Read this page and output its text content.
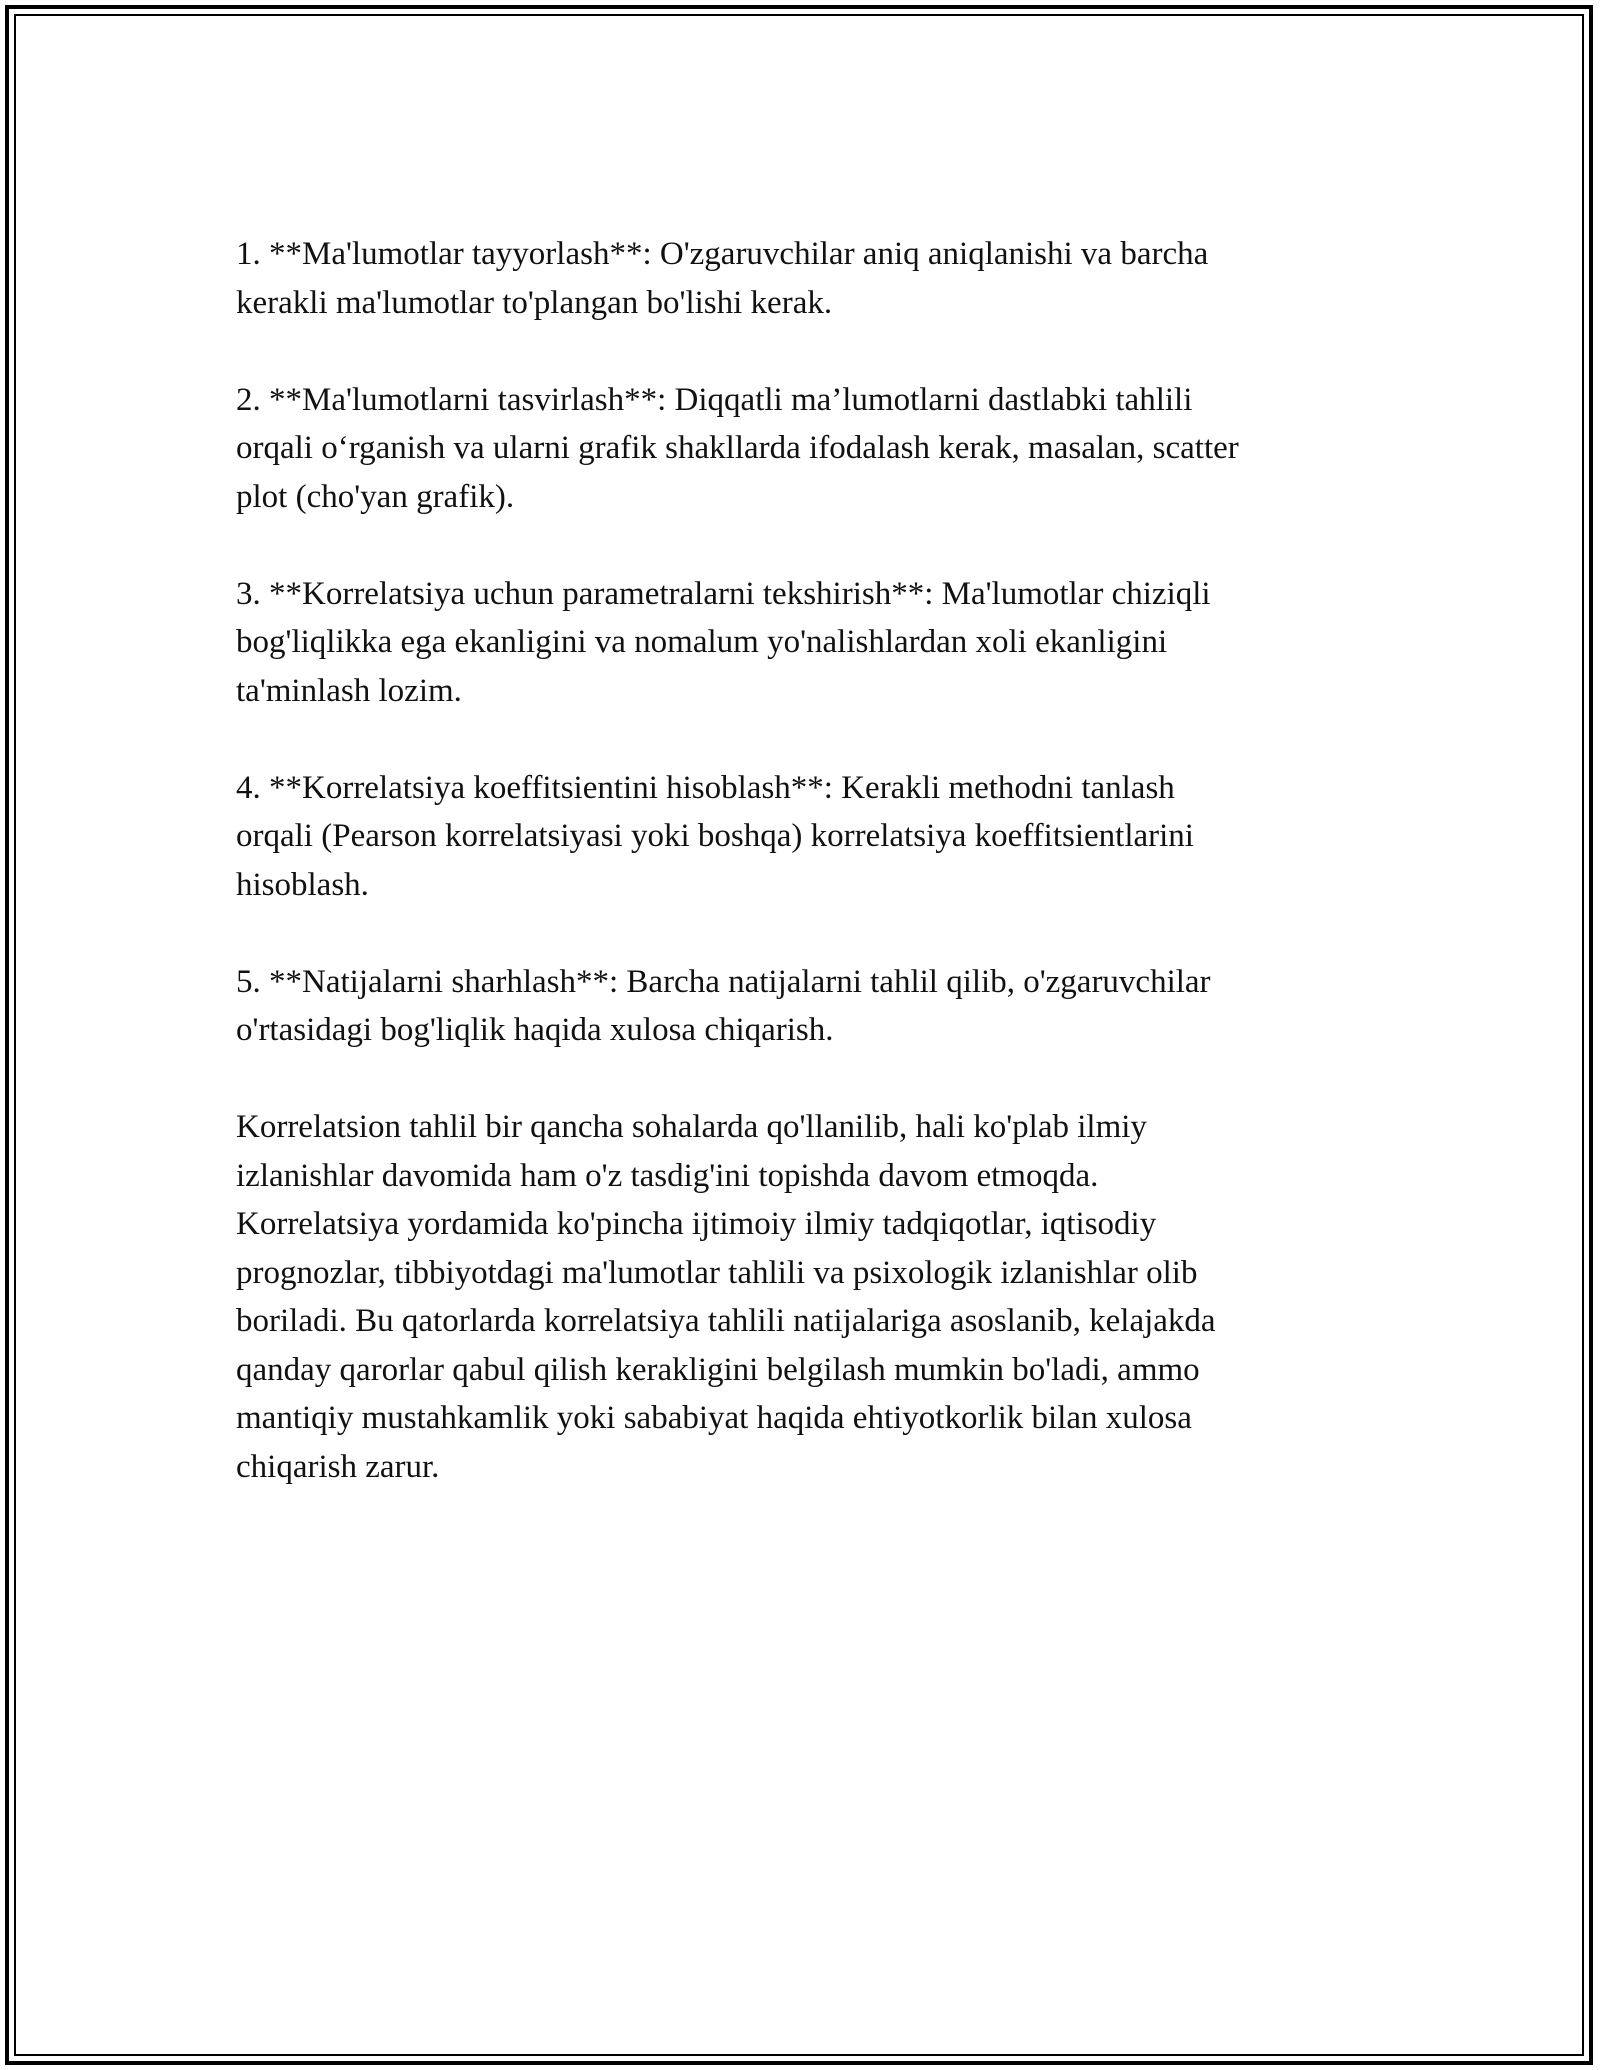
1. **Ma'lumotlar tayyorlash**: O'zgaruvchilar aniq aniqlanishi va barcha
kerakli ma'lumotlar to'plangan bo'lishi kerak.

2. **Ma'lumotlarni tasvirlash**: Diqqatli ma’lumotlarni dastlabki tahlili
orqali o‘rganish va ularni grafik shakllarda ifodalash kerak, masalan, scatter
plot (cho'yan grafik).

3. **Korrelatsiya uchun parametralarni tekshirish**: Ma'lumotlar chiziqli
bog'liqlikka ega ekanligini va nomalum yo'nalishlardan xoli ekanligini
ta'minlash lozim.

4. **Korrelatsiya koeffitsientini hisoblash**: Kerakli methodni tanlash
orqali (Pearson korrelatsiyasi yoki boshqa) korrelatsiya koeffitsientlarini
hisoblash.

5. **Natijalarni sharhlash**: Barcha natijalarni tahlil qilib, o'zgaruvchilar
o'rtasidagi bog'liqlik haqida xulosa chiqarish.

Korrelatsion tahlil bir qancha sohalarda qo'llanilib, hali ko'plab ilmiy
izlanishlar davomida ham o'z tasdig'ini topishda davom etmoqda.
Korrelatsiya yordamida ko'pincha ijtimoiy ilmiy tadqiqotlar, iqtisodiy
prognozlar, tibbiyotdagi ma'lumotlar tahlili va psixologik izlanishlar olib
boriladi. Bu qatorlarda korrelatsiya tahlili natijalariga asoslanib, kelajakda
qanday qarorlar qabul qilish kerakligini belgilash mumkin bo'ladi, ammo
mantiqiy mustahkamlik yoki sababiyat haqida ehtiyotkorlik bilan xulosa
chiqarish zarur.
